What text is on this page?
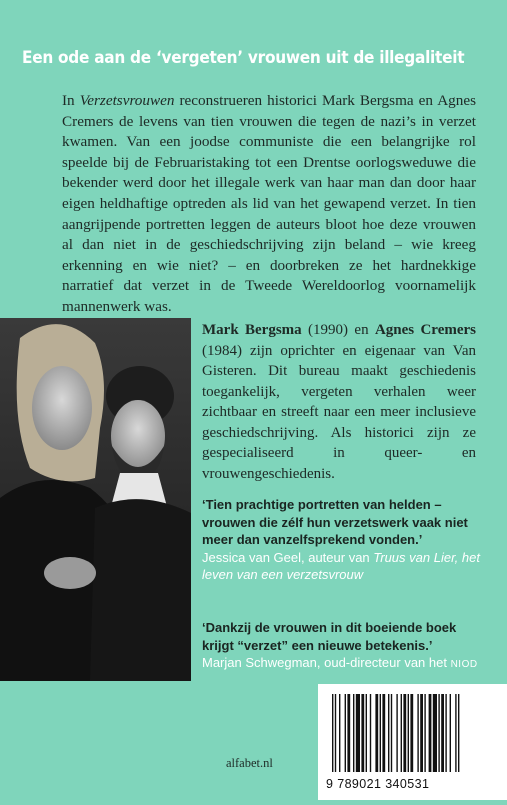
Een ode aan de ‘vergeten’ vrouwen uit de illegaliteit

In Verzetsvrouwen reconstrueren historici Mark Bergsma en Agnes Cremers de levens van tien vrouwen die tegen de nazi’s in verzet kwamen. Van een joodse communiste die een belangrijke rol speelde bij de Februaristaking tot een Drentse oorlogsweduwe die bekender werd door het illegale werk van haar man dan door haar eigen heldhaftige optreden als lid van het gewapend verzet. In tien aangrijpende portretten leggen de auteurs bloot hoe deze vrouwen al dan niet in de geschiedschrijving zijn beland – wie kreeg erkenning en wie niet? – en doorbreken ze het hardnekkige narratief dat verzet in de Tweede Wereldoorlog voornamelijk mannenwerk was.

Mark Bergsma (1990) en Agnes Cremers (1984) zijn oprichter en eigenaar van Van Gisteren. Dit bureau maakt geschiedenis toegankelijk, vergeten verhalen weer zichtbaar en streeft naar een meer inclusieve geschiedschrijving. Als historici zijn ze gespecialiseerd in queer- en vrouwengeschiedenis.

‘Tien prachtige portretten van helden – vrouwen die zélf hun verzetswerk vaak niet meer dan vanzelfsprekend vonden.’
Jessica van Geel, auteur van Truus van Lier, het leven van een verzetsvrouw
‘Dankzij de vrouwen in dit boeiende boek krijgt “verzet” een nieuwe betekenis.’
Marjan Schwegman, oud-directeur van het NIOD
alfabet.nl
9 789021 340531
